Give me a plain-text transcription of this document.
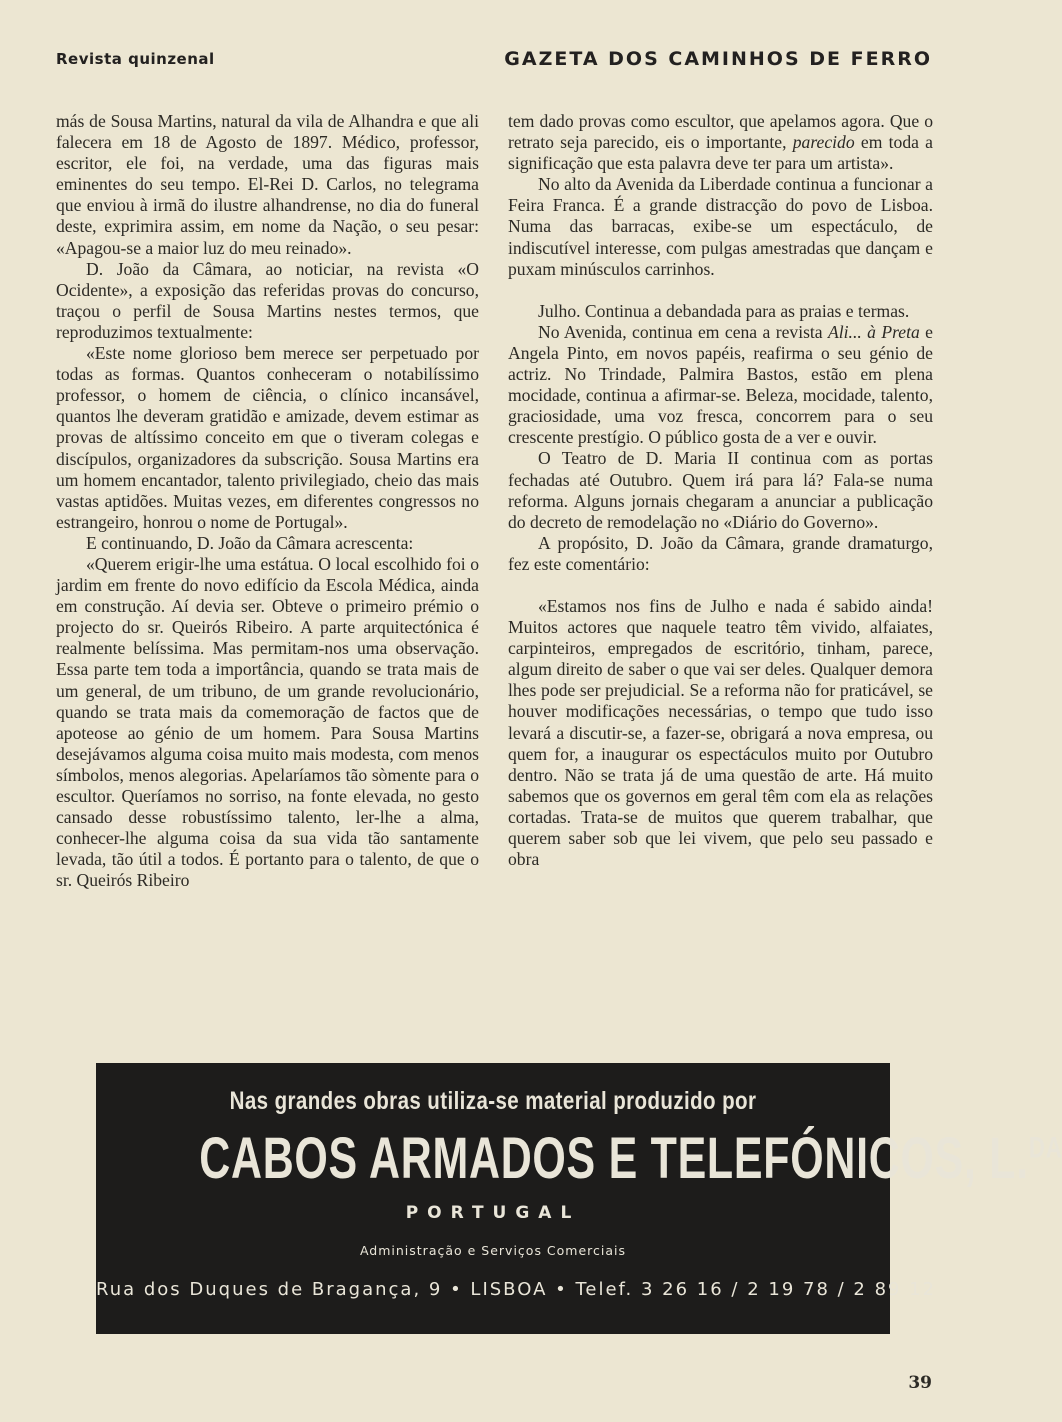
Revista quinzenal	GAZETA DOS CAMINHOS DE FERRO

más de Sousa Martins, natural da vila de Alhandra e que ali falecera em 18 de Agosto de 1897. Médico, professor, escritor, ele foi, na verdade, uma das figuras mais eminentes do seu tempo. El-Rei D. Carlos, no telegrama que enviou à irmã do ilustre alhandrense, no dia do funeral deste, exprimira assim, em nome da Nação, o seu pesar: «Apagou-se a maior luz do meu reinado».

D. João da Câmara, ao noticiar, na revista «O Ocidente», a exposição das referidas provas do concurso, traçou o perfil de Sousa Martins nestes termos, que reproduzimos textualmente:

«Este nome glorioso bem merece ser perpetuado por todas as formas. Quantos conheceram o notabilíssimo professor, o homem de ciência, o clínico incansável, quantos lhe deveram gratidão e amizade, devem estimar as provas de altíssimo conceito em que o tiveram colegas e discípulos, organizadores da subscrição. Sousa Martins era um homem encantador, talento privilegiado, cheio das mais vastas aptidões. Muitas vezes, em diferentes congressos no estrangeiro, honrou o nome de Portugal».

E continuando, D. João da Câmara acrescenta:

«Querem erigir-lhe uma estátua. O local escolhido foi o jardim em frente do novo edifício da Escola Médica, ainda em construção. Aí devia ser. Obteve o primeiro prémio o projecto do sr. Queirós Ribeiro. A parte arquitectónica é realmente belíssima. Mas permitam-nos uma observação. Essa parte tem toda a importância, quando se trata mais de um general, de um tribuno, de um grande revolucionário, quando se trata mais da comemoração de factos que de apoteose ao génio de um homem. Para Sousa Martins desejávamos alguma coisa muito mais modesta, com menos símbolos, menos alegorias. Apelaríamos tão sòmente para o escultor. Queríamos no sorriso, na fonte elevada, no gesto cansado desse robustíssimo talento, ler-lhe a alma, conhecer-lhe alguma coisa da sua vida tão santamente levada, tão útil a todos. É portanto para o talento, de que o sr. Queirós Ribeiro

tem dado provas como escultor, que apelamos agora. Que o retrato seja parecido, eis o importante, parecido em toda a significação que esta palavra deve ter para um artista».

No alto da Avenida da Liberdade continua a funcionar a Feira Franca. É a grande distracção do povo de Lisboa. Numa das barracas, exibe-se um espectáculo, de indiscutível interesse, com pulgas amestradas que dançam e puxam minúsculos carrinhos.

Julho. Continua a debandada para as praias e termas.

No Avenida, continua em cena a revista Ali... à Preta e Angela Pinto, em novos papéis, reafirma o seu génio de actriz. No Trindade, Palmira Bastos, estão em plena mocidade, continua a afirmar-se. Beleza, mocidade, talento, graciosidade, uma voz fresca, concorrem para o seu crescente prestígio. O público gosta de a ver e ouvir.

O Teatro de D. Maria II continua com as portas fechadas até Outubro. Quem irá para lá? Fala-se numa reforma. Alguns jornais chegaram a anunciar a publicação do decreto de remodelação no «Diário do Governo».

A propósito, D. João da Câmara, grande dramaturgo, fez este comentário:

«Estamos nos fins de Julho e nada é sabido ainda! Muitos actores que naquele teatro têm vivido, alfaiates, carpinteiros, empregados de escritório, tinham, parece, algum direito de saber o que vai ser deles. Qualquer demora lhes pode ser prejudicial. Se a reforma não for praticável, se houver modificações necessárias, o tempo que tudo isso levará a discutir-se, a fazer-se, obrigará a nova empresa, ou quem for, a inaugurar os espectáculos muito por Outubro dentro. Não se trata já de uma questão de arte. Há muito sabemos que os governos em geral têm com ela as relações cortadas. Trata-se de muitos que querem trabalhar, que querem saber sob que lei vivem, que pelo seu passado e obra

Nas grandes obras utiliza-se material produzido por
CABOS ARMADOS E TELEFÓNICOS, L.$^{DA}$
PORTUGAL
Administração e Serviços Comerciais
Rua dos Duques de Bragança, 9 • LISBOA • Telef. 3 26 16 / 2 19 78 / 2 89 12
39
